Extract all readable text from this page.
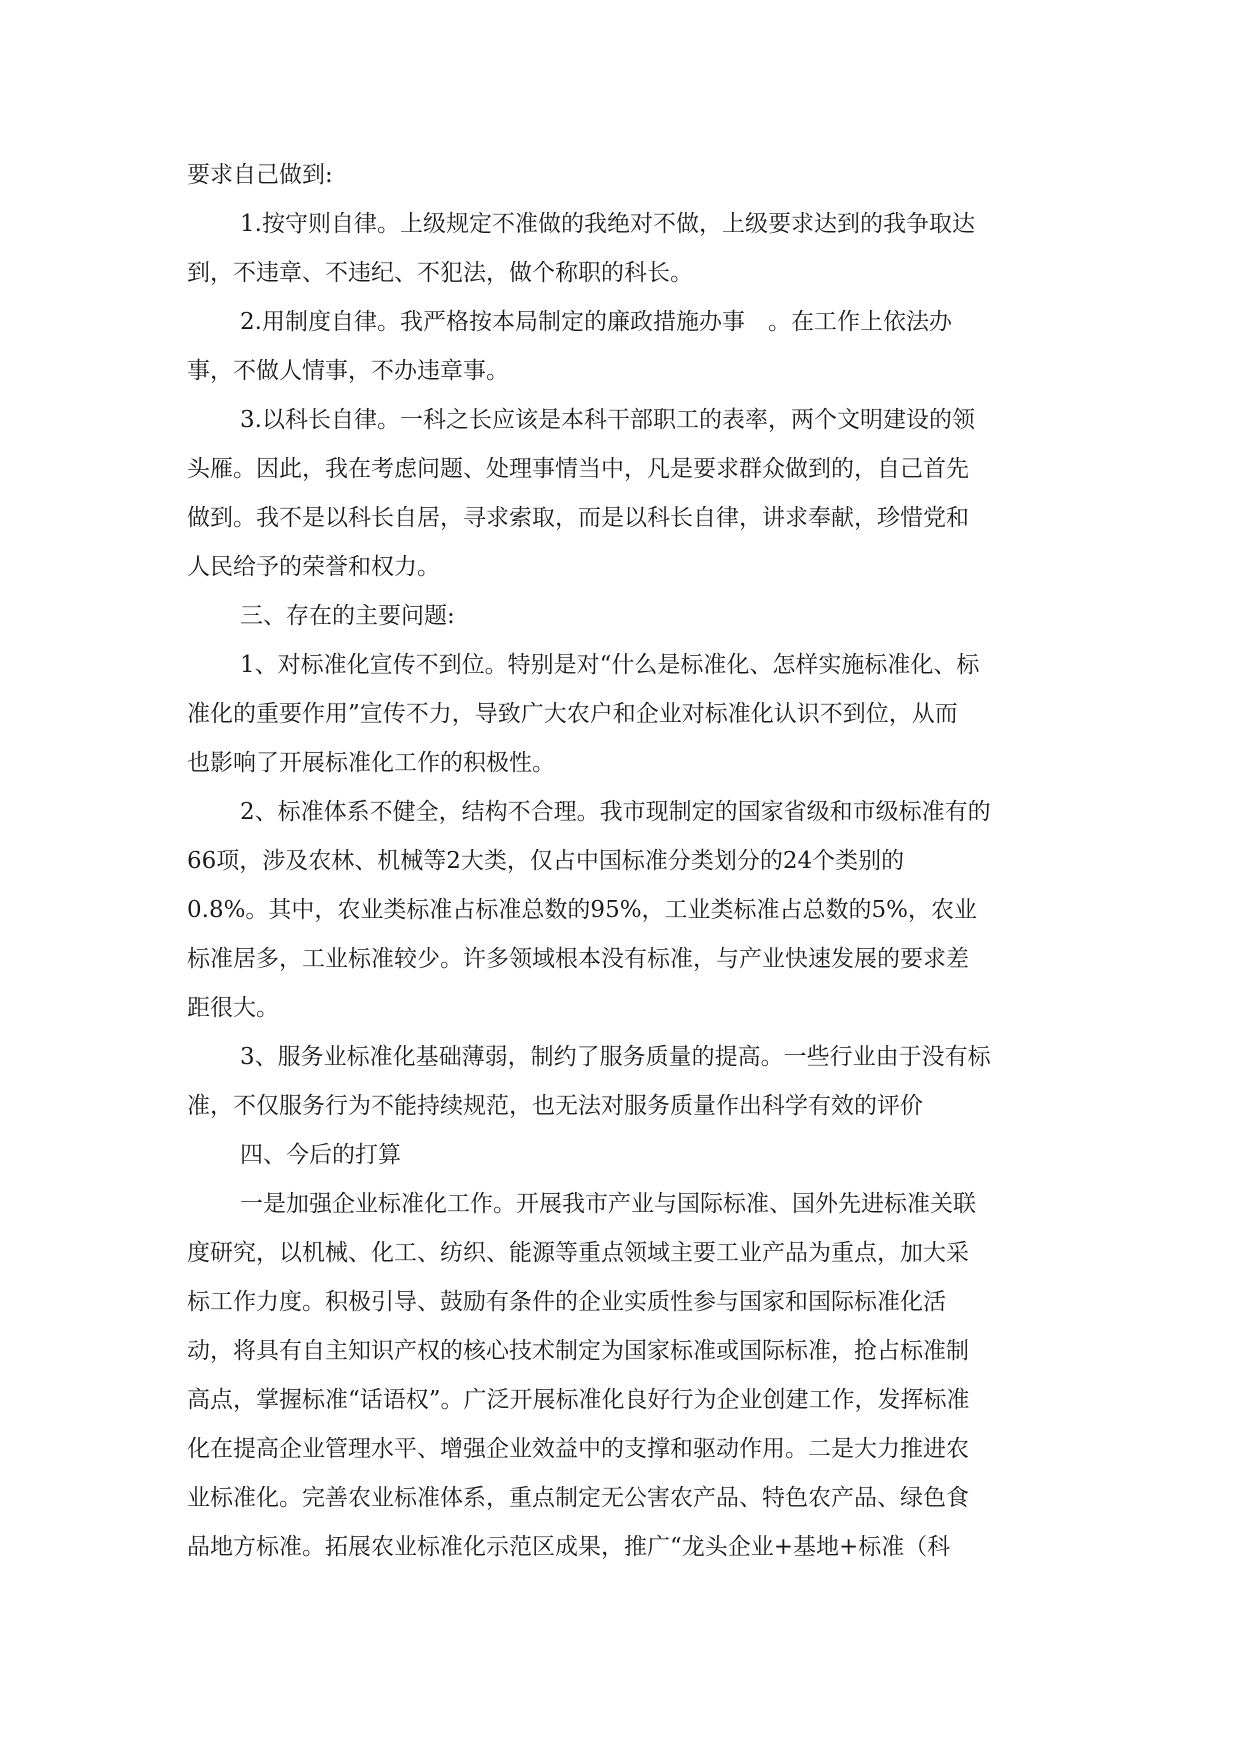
要求自己做到:
1.按守则自律。上级规定不准做的我绝对不做，上级要求达到的我争取达
到，不违章、不违纪、不犯法，做个称职的科长。
2.用制度自律。我严格按本局制定的廉政措施办事　。在工作上依法办
事，不做人情事，不办违章事。
3.以科长自律。一科之长应该是本科干部职工的表率，两个文明建设的领
头雁。因此，我在考虑问题、处理事情当中，凡是要求群众做到的，自己首先
做到。我不是以科长自居，寻求索取，而是以科长自律，讲求奉献，珍惜党和
人民给予的荣誉和权力。
三、存在的主要问题:
1、对标准化宣传不到位。特别是对“什么是标准化、怎样实施标准化、标
准化的重要作用”宣传不力，导致广大农户和企业对标准化认识不到位，从而
也影响了开展标准化工作的积极性。
2、标准体系不健全，结构不合理。我市现制定的国家省级和市级标准有的
66项，涉及农林、机械等2大类，仅占中国标准分类划分的24个类别的
0.8%。其中，农业类标准占标准总数的95%，工业类标准占总数的5%，农业
标准居多，工业标准较少。许多领域根本没有标准，与产业快速发展的要求差
距很大。
3、服务业标准化基础薄弱，制约了服务质量的提高。一些行业由于没有标
准，不仅服务行为不能持续规范，也无法对服务质量作出科学有效的评价
四、今后的打算
一是加强企业标准化工作。开展我市产业与国际标准、国外先进标准关联
度研究，以机械、化工、纺织、能源等重点领域主要工业产品为重点，加大采
标工作力度。积极引导、鼓励有条件的企业实质性参与国家和国际标准化活
动，将具有自主知识产权的核心技术制定为国家标准或国际标准，抢占标准制
高点，掌握标准“话语权”。广泛开展标准化良好行为企业创建工作，发挥标准
化在提高企业管理水平、增强企业效益中的支撑和驱动作用。二是大力推进农
业标准化。完善农业标准体系，重点制定无公害农产品、特色农产品、绿色食
品地方标准。拓展农业标准化示范区成果，推广“龙头企业+基地+标准（科
